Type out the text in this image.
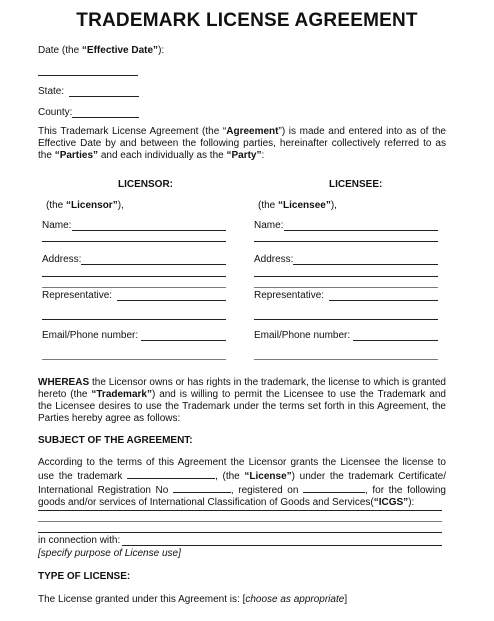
TRADEMARK LICENSE AGREEMENT
Date (the “Effective Date”):
State:
County:
This Trademark License Agreement (the “Agreement”) is made and entered into as of the Effective Date by and between the following parties, hereinafter collectively referred to as the “Parties” and each individually as the “Party”:
LICENSOR:
(the “Licensor”),
Name:
Address:
Representative:
Email/Phone number:
LICENSEE:
(the “Licensee”),
Name:
Address:
Representative:
Email/Phone number:
WHEREAS the Licensor owns or has rights in the trademark, the license to which is granted hereto (the “Trademark”) and is willing to permit the Licensee to use the Trademark and the Licensee desires to use the Trademark under the terms set forth in this Agreement, the Parties hereby agree as follows:
SUBJECT OF THE AGREEMENT:
According to the terms of this Agreement the Licensor grants the Licensee the license to use the trademark	, (the “License”) under the trademark Certificate/ International Registration No	, registered on	, for the following goods and/or services of International Classification of Goods and Services(“ICGS”):
in connection with:
[specify purpose of License use]
TYPE OF LICENSE:
The License granted under this Agreement is: [choose as appropriate]
